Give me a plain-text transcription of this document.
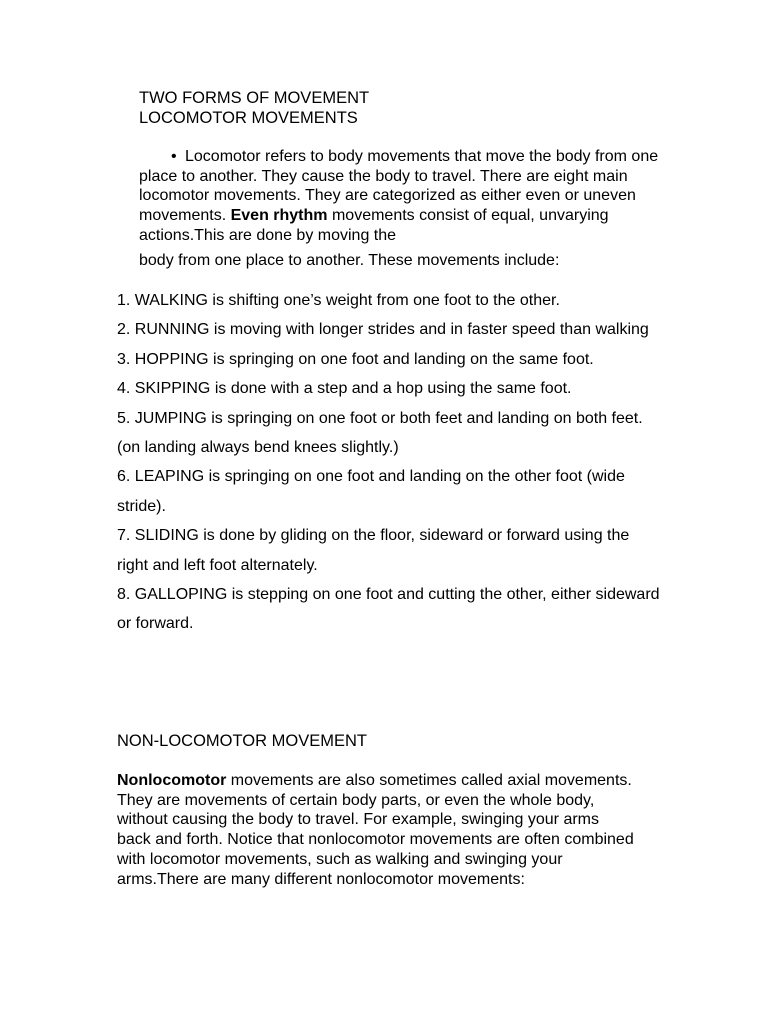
TWO FORMS OF MOVEMENT
LOCOMOTOR MOVEMENTS
• Locomotor refers to body movements that move the body from one place to another. They cause the body to travel. There are eight main locomotor movements. They are categorized as either even or uneven movements. Even rhythm movements consist of equal, unvarying actions.This are done by moving the
body from one place to another. These movements include:
1. WALKING is shifting one’s weight from one foot to the other.
2. RUNNING is moving with longer strides and in faster speed than walking
3. HOPPING is springing on one foot and landing on the same foot.
4. SKIPPING is done with a step and a hop using the same foot.
5. JUMPING is springing on one foot or both feet and landing on both feet. (on landing always bend knees slightly.)
6. LEAPING is springing on one foot and landing on the other foot (wide stride).
7. SLIDING is done by gliding on the floor, sideward or forward using the right and left foot alternately.
8. GALLOPING is stepping on one foot and cutting the other, either sideward or forward.
NON-LOCOMOTOR MOVEMENT
Nonlocomotor movements are also sometimes called axial movements. They are movements of certain body parts, or even the whole body, without causing the body to travel. For example, swinging your arms back and forth. Notice that nonlocomotor movements are often combined with locomotor movements, such as walking and swinging your arms.There are many different nonlocomotor movements:
